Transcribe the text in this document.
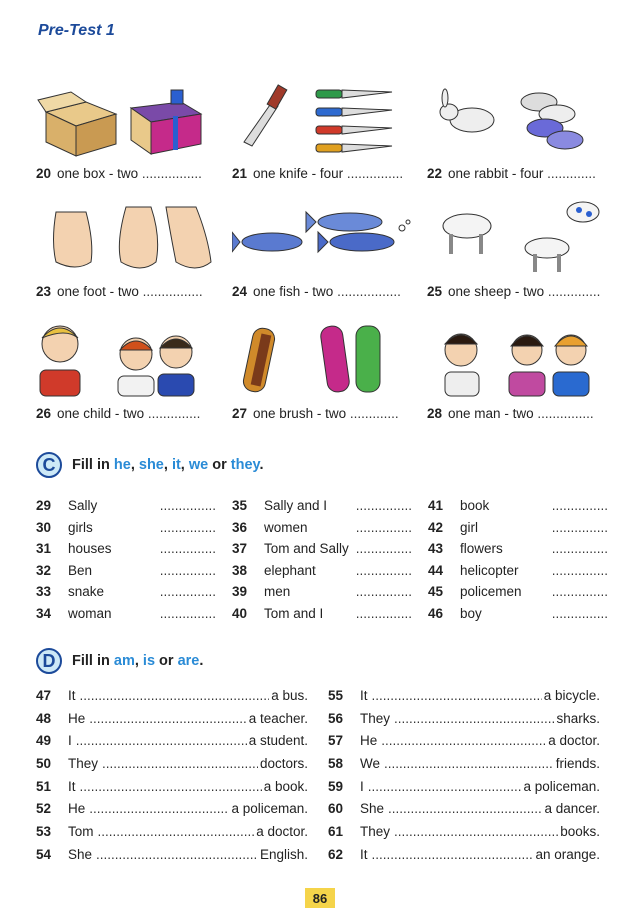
Pre-Test 1
20 one box - two ................ 21 one knife - four ............... 22 one rabbit - four .............
23 one foot - two ................ 24 one fish - two ................. 25 one sheep - two ..............
26 one child - two .............. 27 one brush - two ............. 28 one man - two ...............
C	Fill in he, she, it, we or they.
29	Sally	...............
30	girls	...............
31	houses	...............
32	Ben	...............
33	snake	...............
34	woman	...............
35	Sally and I	...............
36	women	...............
37	Tom and Sally ...............
38	elephant	...............
39	men	...............
40	Tom and I	...............
41	book	...............
42	girl	...............
43	flowers	...............
44	helicopter	...............
45	policemen	...............
46	boy	...............
D	Fill in am, is or are.
47	It .....	a bus.
48	He .....	a teacher.
49	I .....	a student.
50	They .....	doctors.
51	It .....	a book.
52	He .....	a policeman.
53	Tom .....	a doctor.
54	She .....	English.
55	It .....	a bicycle.
56	They .....	sharks.
57	He .....	a doctor.
58	We .....	friends.
59	I .....	a policeman.
60	She .....	a dancer.
61	They .....	books.
62	It .....	an orange.
86
